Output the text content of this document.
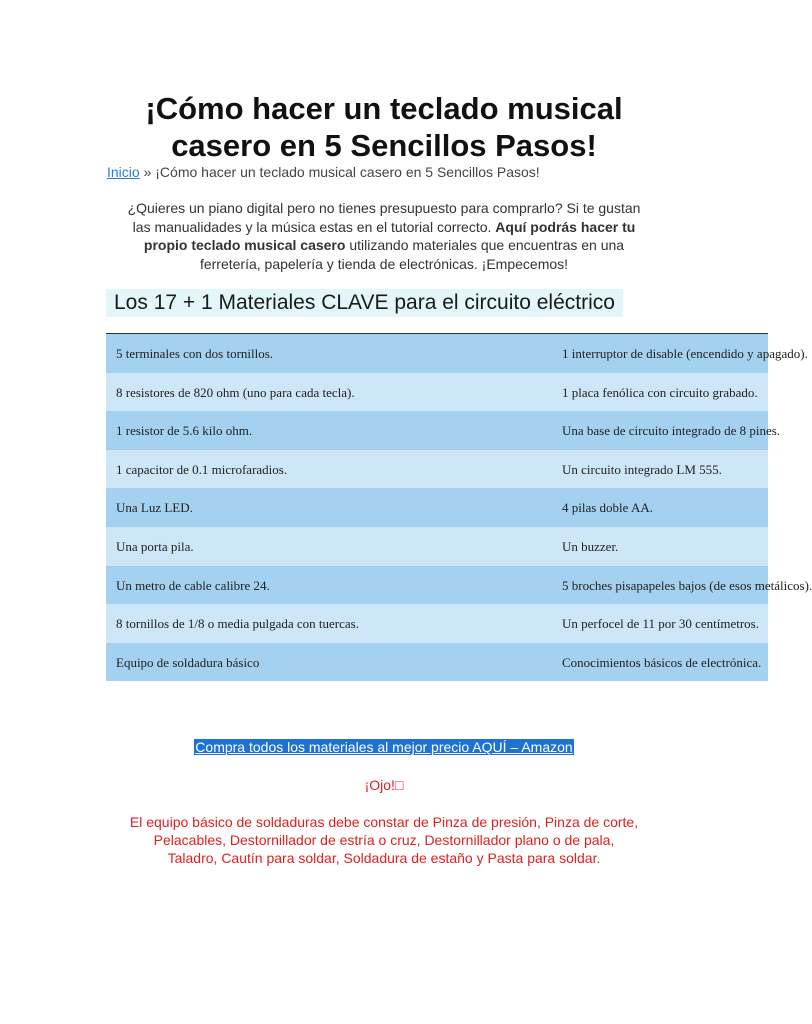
¡Cómo hacer un teclado musical
casero en 5 Sencillos Pasos!
Inicio » ¡Cómo hacer un teclado musical casero en 5 Sencillos Pasos!

¿Quieres un piano digital pero no tienes presupuesto para comprarlo? Si te gustan

las manualidades y la música estas en el tutorial correcto. Aquí podrás hacer tu

propio teclado musical casero utilizando materiales que encuentras en una

ferretería, papelería y tienda de electrónicas. ¡Empecemos!

Los 17 + 1 Materiales CLAVE para el circuito eléctrico
5 terminales con dos tornillos.	1 interruptor de disable (encendido y apagado).
8 resistores de 820 ohm (uno para cada tecla).	1 placa fenólica con circuito grabado.
1 resistor de 5.6 kilo ohm.	Una base de circuito integrado de 8 pines.
1 capacitor de 0.1 microfaradios.	Un circuito integrado LM 555.
Una Luz LED.	4 pilas doble AA.
Una porta pila.	Un buzzer.
Un metro de cable calibre 24.	5 broches pisapapeles bajos (de esos metálicos).
8 tornillos de 1/8 o media pulgada con tuercas.	Un perfocel de 11 por 30 centímetros.
Equipo de soldadura básico	Conocimientos básicos de electrónica.
Compra todos los materiales al mejor precio AQUÍ – Amazon
¡Ojo!□

El equipo básico de soldaduras debe constar de Pinza de presión, Pinza de corte,

Pelacables, Destornillador de estría o cruz, Destornillador plano o de pala,

Taladro, Cautín para soldar, Soldadura de estaño y Pasta para soldar.
